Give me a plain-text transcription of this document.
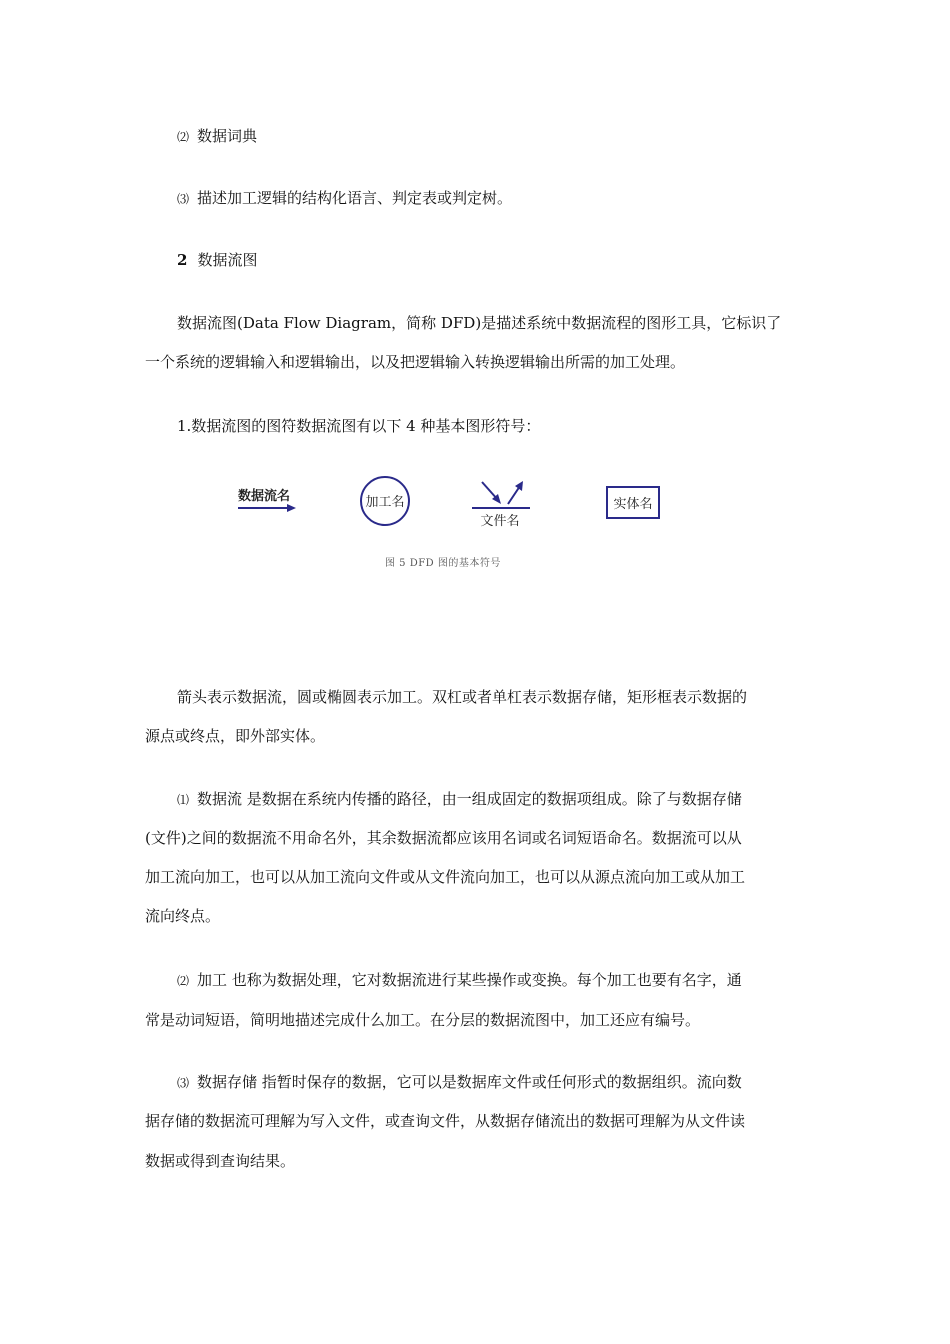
⑵ 数据词典
⑶ 描述加工逻辑的结构化语言、判定表或判定树。
2 数据流图
数据流图(Data Flow Diagram，简称 DFD)是描述系统中数据流程的图形工具，它标识了
一个系统的逻辑输入和逻辑输出，以及把逻辑输入转换逻辑输出所需的加工处理。
1.数据流图的图符数据流图有以下 4 种基本图形符号：
数据流名	加工名
文件名
实体名
图 5 DFD 图的基本符号
箭头表示数据流，圆或椭圆表示加工。双杠或者单杠表示数据存储，矩形框表示数据的
源点或终点，即外部实体。
⑴ 数据流 是数据在系统内传播的路径，由一组成固定的数据项组成。除了与数据存储
(文件)之间的数据流不用命名外，其余数据流都应该用名词或名词短语命名。数据流可以从
加工流向加工，也可以从加工流向文件或从文件流向加工，也可以从源点流向加工或从加工
流向终点。
⑵ 加工 也称为数据处理，它对数据流进行某些操作或变换。每个加工也要有名字，通
常是动词短语，简明地描述完成什么加工。在分层的数据流图中，加工还应有编号。
⑶ 数据存储 指暂时保存的数据，它可以是数据库文件或任何形式的数据组织。流向数
据存储的数据流可理解为写入文件，或查询文件，从数据存储流出的数据可理解为从文件读
数据或得到查询结果。
